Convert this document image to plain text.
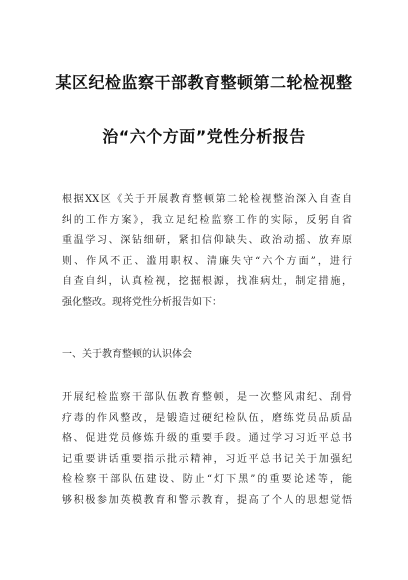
某区纪检监察干部教育整顿第二轮检视整
治“六个方面”党性分析报告
根据XX区《关于开展教育整顿第二轮检视整治深入自查自
纠的工作方案》，我立足纪检监察工作的实际，反躬自省
重温学习、深钻细研，紧扣信仰缺失、政治动摇、放弃原
则、作风不正、滥用职权、清廉失守“六个方面”，进行
自查自纠，认真检视，挖掘根源，找准病灶，制定措施，
强化整改。现将党性分析报告如下：
一、关于教育整顿的认识体会
开展纪检监察干部队伍教育整顿，是一次整风肃纪、刮骨
疗毒的作风整改，是锻造过硬纪检队伍，磨练党员品质品
格、促进党员修炼升级的重要手段。通过学习习近平总书
记重要讲话重要指示批示精神，习近平总书记关于加强纪
检检察干部队伍建设、防止“灯下黑”的重要论述等，能
够积极参加英模教育和警示教育，提高了个人的思想觉悟
